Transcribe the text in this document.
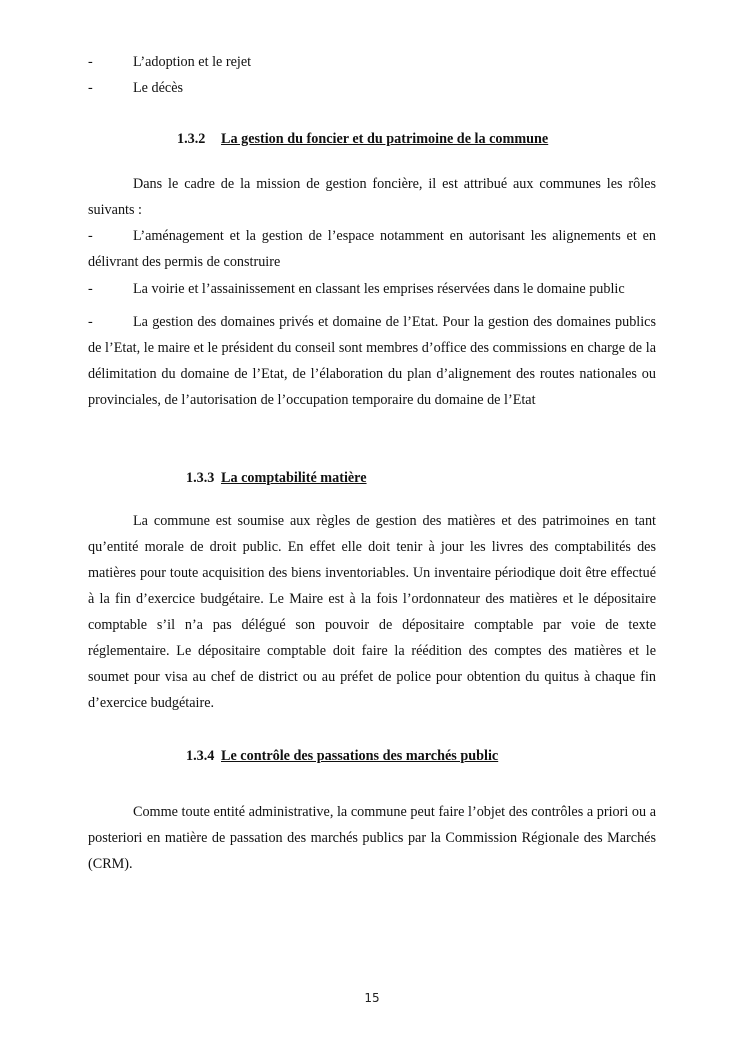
-	L’adoption et le rejet
-	Le décès
1.3.2 La gestion du foncier et du patrimoine de la commune

Dans le cadre de la mission de gestion foncière, il est attribué aux communes les rôles suivants :

-	L’aménagement et la gestion de l’espace notamment en autorisant les alignements et en délivrant des permis de construire

-	La voirie et l’assainissement en classant les emprises réservées dans le domaine public

-	La gestion des domaines privés et domaine de l’Etat. Pour la gestion des domaines publics de l’Etat, le maire et le président du conseil sont membres d’office des commissions en charge de la délimitation du domaine de l’Etat, de l’élaboration du plan d’alignement des routes nationales ou provinciales, de l’autorisation de l’occupation temporaire du domaine de l’Etat

1.3.3 La comptabilité matière

La commune est soumise aux règles de gestion des matières et des patrimoines en tant qu’entité morale de droit public. En effet elle doit tenir à jour les livres des comptabilités des matières pour toute acquisition des biens inventoriables. Un inventaire périodique doit être effectué à la fin d’exercice budgétaire. Le Maire est à la fois l’ordonnateur des matières et le dépositaire comptable s’il n’a pas délégué son pouvoir de dépositaire comptable par voie de texte réglementaire. Le dépositaire comptable doit faire la réédition des comptes des matières et le soumet pour visa au chef de district ou au préfet de police pour obtention du quitus à chaque fin d’exercice budgétaire.

1.3.4 Le contrôle des passations des marchés public

Comme toute entité administrative, la commune peut faire l’objet des contrôles a priori ou a posteriori en matière de passation des marchés publics par la Commission Régionale des Marchés (CRM).

15
